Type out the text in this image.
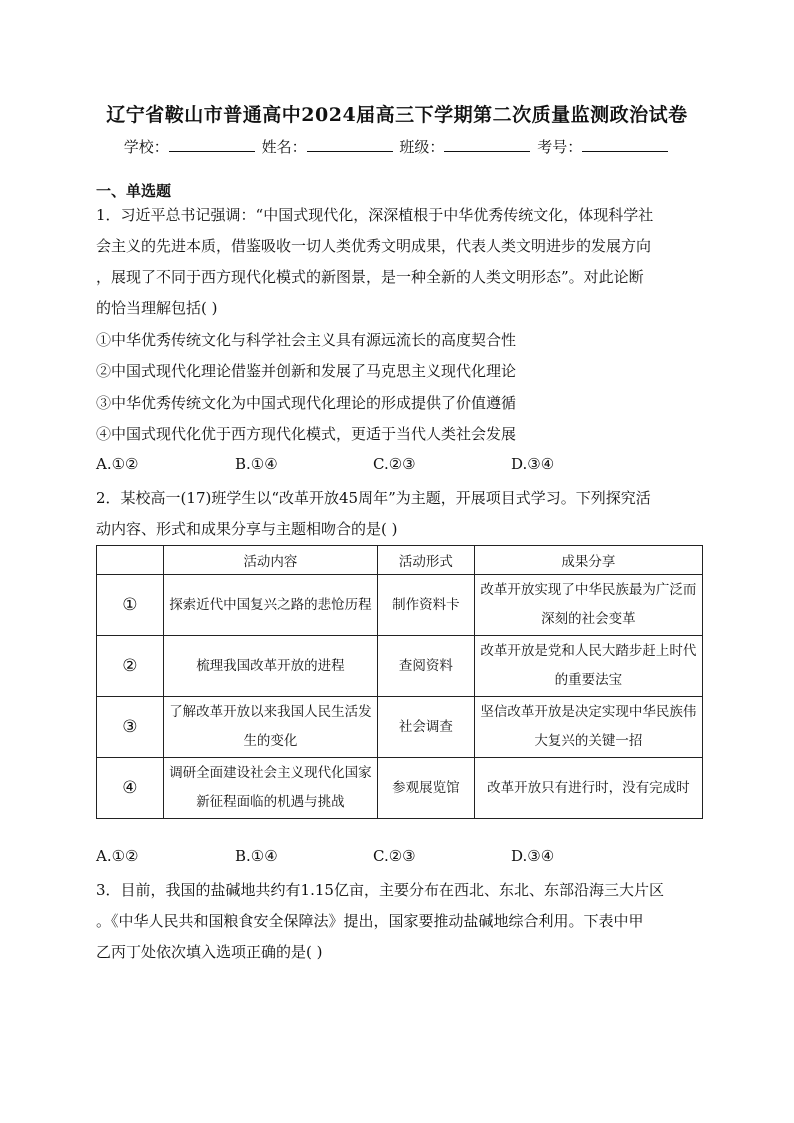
辽宁省鞍山市普通高中2024届高三下学期第二次质量监测政治试卷
学校：	姓名：	班级：	考号：
一、单选题
1．习近平总书记强调：“中国式现代化，深深植根于中华优秀传统文化，体现科学社
会主义的先进本质，借鉴吸收一切人类优秀文明成果，代表人类文明进步的发展方向
，展现了不同于西方现代化模式的新图景，是一种全新的人类文明形态”。对此论断
的恰当理解包括( )
①中华优秀传统文化与科学社会主义具有源远流长的高度契合性
②中国式现代化理论借鉴并创新和发展了马克思主义现代化理论
③中华优秀传统文化为中国式现代化理论的形成提供了价值遵循
④中国式现代化优于西方现代化模式，更适于当代人类社会发展
A.①②	B.①④	C.②③	D.③④
2．某校高一(17)班学生以“改革开放45周年”为主题，开展项目式学习。下列探究活
动内容、形式和成果分享与主题相吻合的是( )
	活动内容	活动形式	成果分享
①	探索近代中国复兴之路的悲怆历程	制作资料卡	改革开放实现了中华民族最为广泛而深刻的社会变革
②	梳理我国改革开放的进程	查阅资料	改革开放是党和人民大踏步赶上时代的重要法宝
③	了解改革开放以来我国人民生活发生的变化	社会调查	坚信改革开放是决定实现中华民族伟大复兴的关键一招
④	调研全面建设社会主义现代化国家新征程面临的机遇与挑战	参观展览馆	改革开放只有进行时，没有完成时
A.①②	B.①④	C.②③	D.③④
3．目前，我国的盐碱地共约有1.15亿亩，主要分布在西北、东北、东部沿海三大片区
。《中华人民共和国粮食安全保障法》提出，国家要推动盐碱地综合利用。下表中甲
乙丙丁处依次填入选项正确的是( )
